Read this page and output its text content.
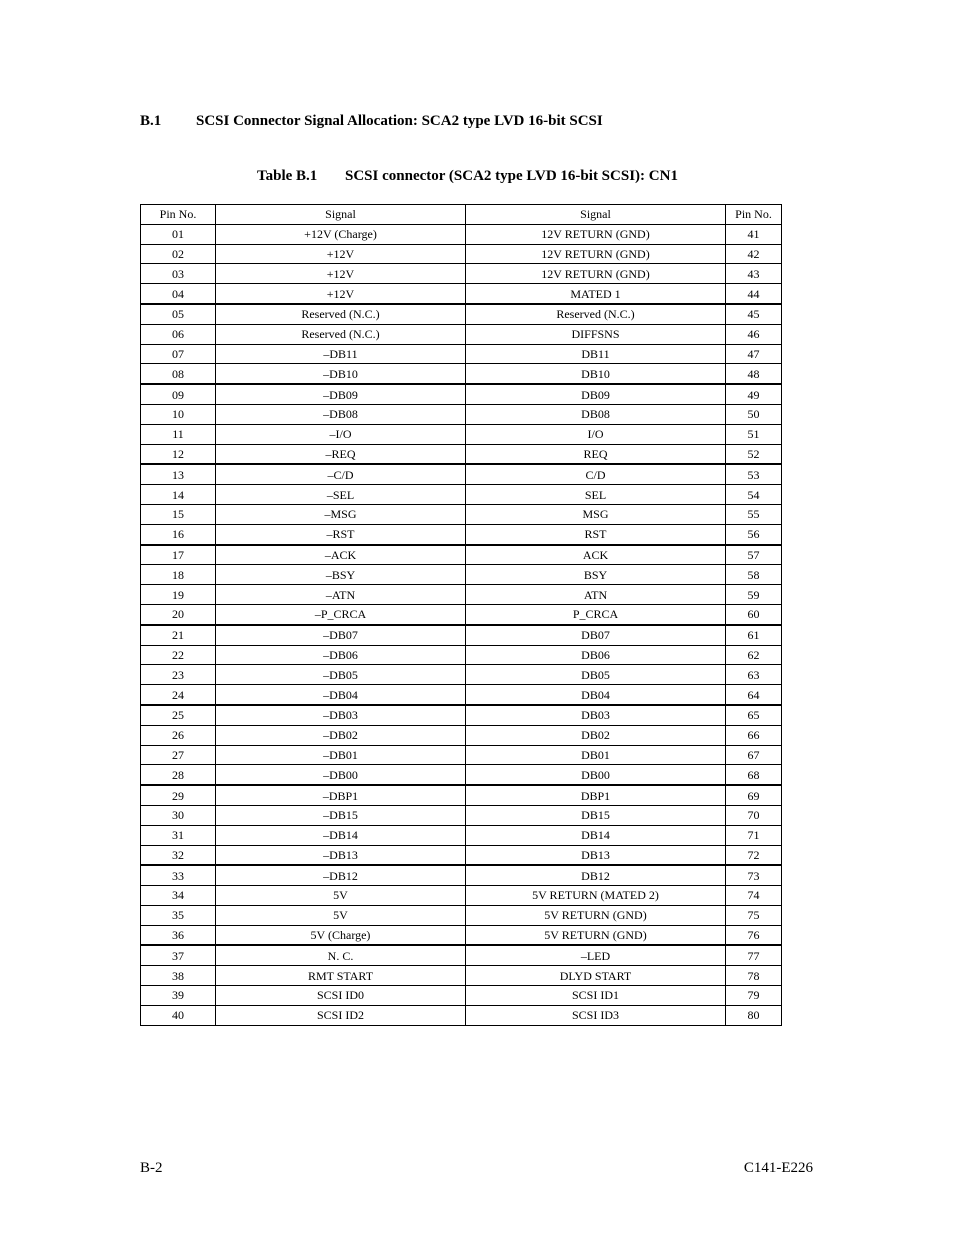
B.1 SCSI Connector Signal Allocation: SCA2 type LVD 16-bit SCSI
Table B.1 SCSI connector (SCA2 type LVD 16-bit SCSI): CN1
Pin No.	Signal	Signal	Pin No.
01	+12V (Charge)	12V RETURN (GND)	41
02	+12V	12V RETURN (GND)	42
03	+12V	12V RETURN (GND)	43
04	+12V	MATED 1	44
05	Reserved (N.C.)	Reserved (N.C.)	45
06	Reserved (N.C.)	DIFFSNS	46
07	–DB11	DB11	47
08	–DB10	DB10	48
09	–DB09	DB09	49
10	–DB08	DB08	50
11	–I/O	I/O	51
12	–REQ	REQ	52
13	–C/D	C/D	53
14	–SEL	SEL	54
15	–MSG	MSG	55
16	–RST	RST	56
17	–ACK	ACK	57
18	–BSY	BSY	58
19	–ATN	ATN	59
20	–P_CRCA	P_CRCA	60
21	–DB07	DB07	61
22	–DB06	DB06	62
23	–DB05	DB05	63
24	–DB04	DB04	64
25	–DB03	DB03	65
26	–DB02	DB02	66
27	–DB01	DB01	67
28	–DB00	DB00	68
29	–DBP1	DBP1	69
30	–DB15	DB15	70
31	–DB14	DB14	71
32	–DB13	DB13	72
33	–DB12	DB12	73
34	5V	5V RETURN (MATED 2)	74
35	5V	5V RETURN (GND)	75
36	5V (Charge)	5V RETURN (GND)	76
37	N. C.	–LED	77
38	RMT START	DLYD START	78
39	SCSI ID0	SCSI ID1	79
40	SCSI ID2	SCSI ID3	80
B-2	C141-E226
